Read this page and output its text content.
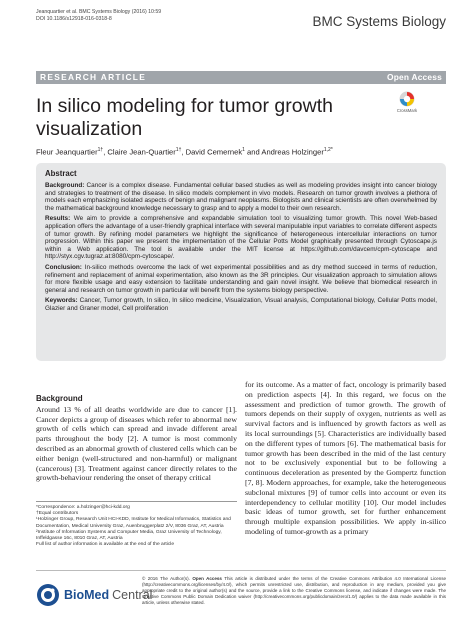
Jeanquartier et al. BMC Systems Biology (2016) 10:59
DOI 10.1186/s12918-016-0318-8	BMC Systems Biology
RESEARCH ARTICLE	Open Access
In silico modeling for tumor growth visualization
CrossMark
Fleur Jeanquartier$^{1\dagger}$, Claire Jean-Quartier$^{1\dagger}$, David Cemernek$^1$ and Andreas Holzinger$^{1,2*}$
Abstract

Background: Cancer is a complex disease. Fundamental cellular based studies as well as modeling provides insight into cancer biology and strategies to treatment of the disease. In silico models complement in vivo models. Research on tumor growth involves a plethora of models each emphasizing isolated aspects of benign and malignant neoplasms. Biologists and clinical scientists are often overwhelmed by the mathematical background knowledge necessary to grasp and to apply a model to their own research.

Results: We aim to provide a comprehensive and expandable simulation tool to visualizing tumor growth. This novel Web-based application offers the advantage of a user-friendly graphical interface with several manipulable input variables to correlate different aspects of tumor growth. By refining model parameters we highlight the significance of heterogeneous intercellular interactions on tumor progression. Within this paper we present the implementation of the Cellular Potts Model graphically presented through Cytoscape.js within a Web application. The tool is available under the MIT license at https://github.com/davcem/cpm-cytoscape and http://styx.cgv.tugraz.at:8080/cpm-cytoscape/.

Conclusion: In-silico methods overcome the lack of wet experimental possibilities and as dry method succeed in terms of reduction, refinement and replacement of animal experimentation, also known as the 3R principles. Our visualization approach to simulation allows for more flexible usage and easy extension to facilitate understanding and gain novel insight. We believe that biomedical research in general and research on tumor growth in particular will benefit from the systems biology perspective.

Keywords: Cancer, Tumor growth, In silico, In silico medicine, Visualization, Visual analysis, Computational biology, Cellular Potts model, Glazier and Graner model, Cell proliferation

Background

Around 13 % of all deaths worldwide are due to cancer [1]. Cancer depicts a group of diseases which refer to abnormal new growth of cells which can spread and invade different areal parts throughout the body [2]. A tumor is most commonly described as an abnormal growth of clustered cells which can be either benign (well-structured and non-harmful) or malignant (cancerous) [3]. Treatment against cancer directly relates to the growth-behaviour rendering the onset of therapy critical

for its outcome. As a matter of fact, oncology is primarily based on prediction aspects [4]. In this regard, we focus on the assessment and prediction of tumor growth. The growth of tumors depends on their supply of oxygen, nutrients as well as survival factors and is influenced by growth factors as well as its local surroundings [5]. Characteristics are individually based on the different types of tumors [6]. The mathematical basis for tumor growth has been described in the mid of the last century not to be exclusively exponential but to be following a continuous deceleration as presented by the Gompertz function [7, 8]. Modern approaches, for example, take the heterogeneous subclonal mixtures [9] of tumor cells into account or even its interdependency to cellular motility [10]. Our model includes basic ideas of tumor growth, set for further enhancement through multiple expansion possibilities. We apply in-silico modeling of tumor-growth as a primary

*Correspondence: a.holzinger@hci-kdd.org
†Equal contributors
¹Holzinger Group, Research Unit HCI-KDD, Institute for Medical Informatics, Statistics and Documentation, Medical University Graz, Auenbruggerplatz 2/V, 8036 Graz, AT, Austria
²Institute of Information Systems and Computer Media, Graz University of Technology, Inffeldgasse 16c, 8010 Graz, AT, Austria
Full list of author information is available at the end of the article
BioMed Central
© 2016 The Author(s). Open Access This article is distributed under the terms of the Creative Commons Attribution 4.0 International License (http://creativecommons.org/licenses/by/4.0/), which permits unrestricted use, distribution, and reproduction in any medium, provided you give appropriate credit to the original author(s) and the source, provide a link to the Creative Commons license, and indicate if changes were made. The Creative Commons Public Domain Dedication waiver (http://creativecommons.org/publicdomain/zero/1.0/) applies to the data made available in this article, unless otherwise stated.
